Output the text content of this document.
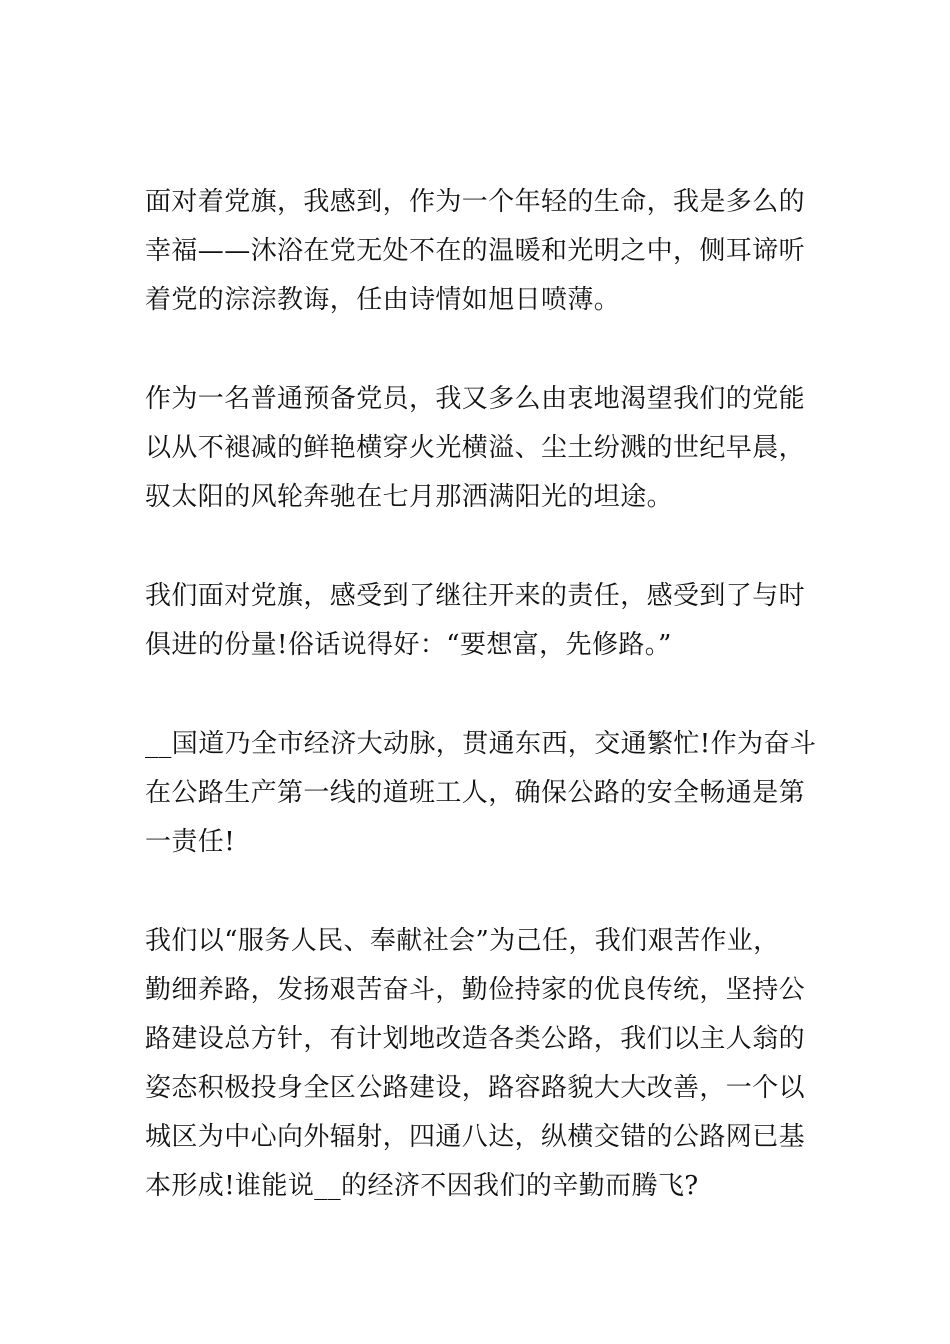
面对着党旗，我感到，作为一个年轻的生命，我是多么的
幸福——沐浴在党无处不在的温暖和光明之中，侧耳谛听
着党的淙淙教诲，任由诗情如旭日喷薄。

作为一名普通预备党员，我又多么由衷地渴望我们的党能
以从不褪减的鲜艳横穿火光横溢、尘土纷溅的世纪早晨，
驭太阳的风轮奔驰在七月那洒满阳光的坦途。

我们面对党旗，感受到了继往开来的责任，感受到了与时
俱进的份量!俗话说得好：“要想富，先修路。”

__国道乃全市经济大动脉，贯通东西，交通繁忙!作为奋斗
在公路生产第一线的道班工人，确保公路的安全畅通是第
一责任!

我们以“服务人民、奉献社会”为己任，我们艰苦作业，
勤细养路，发扬艰苦奋斗，勤俭持家的优良传统，坚持公
路建设总方针，有计划地改造各类公路，我们以主人翁的
姿态积极投身全区公路建设，路容路貌大大改善，一个以
城区为中心向外辐射，四通八达，纵横交错的公路网已基
本形成!谁能说__的经济不因我们的辛勤而腾飞?
